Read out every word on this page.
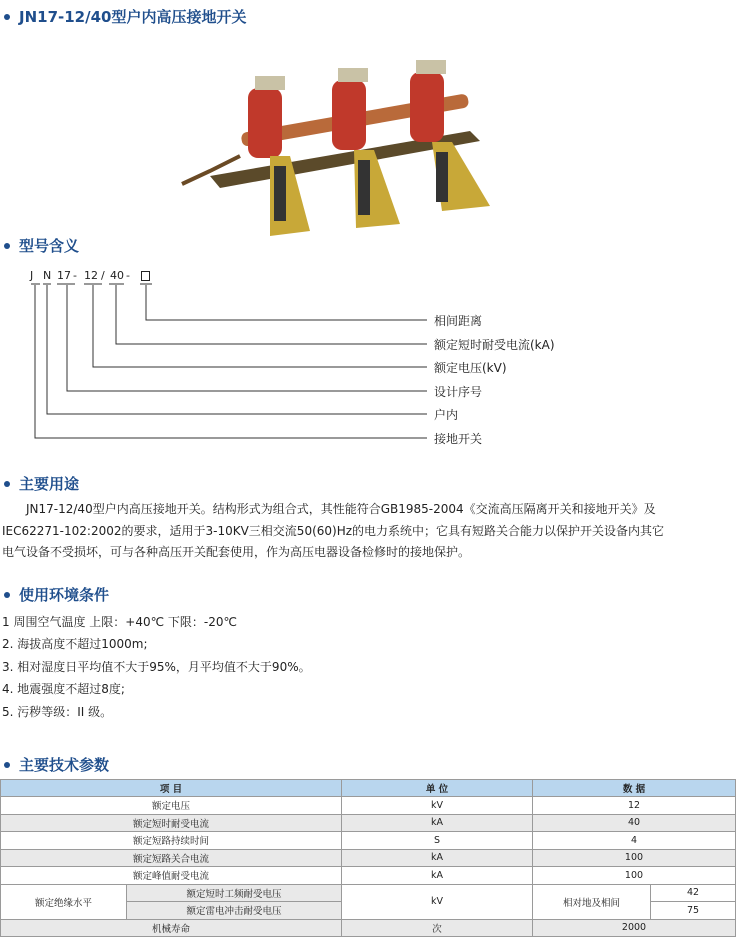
JN17-12/40型户内高压接地开关
型号含义
J N 17 - 12 / 40 -
相间距离
额定短时耐受电流(kA)
额定电压(kV)
设计序号
户内
接地开关
主要用途
JN17-12/40型户内高压接地开关。结构形式为组合式，其性能符合GB1985-2004《交流高压隔离开关和接地开关》及
IEC62271-102:2002的要求，适用于3-10KV三相交流50(60)Hz的电力系统中；它具有短路关合能力以保护开关设备内其它
电气设备不受损坏，可与各种高压开关配套使用，作为高压电器设备检修时的接地保护。
使用环境条件
1 周围空气温度 上限：+40℃ 下限：-20℃
2. 海拔高度不超过1000m;
3. 相对湿度日平均值不大于95%，月平均值不大于90%。
4. 地震强度不超过8度;
5. 污秽等级：II 级。
主要技术参数
项 目		单 位	数 据	
额定电压		kV	12	
额定短时耐受电流		kA	40	
额定短路持续时间		S	4	
额定短路关合电流		kA	100	
额定峰值耐受电流		kA	100	
额定绝缘水平	额定短时工频耐受电压	kV	相对地及相间	42
	额定雷电冲击耐受电压			75
机械寿命		次	2000	
